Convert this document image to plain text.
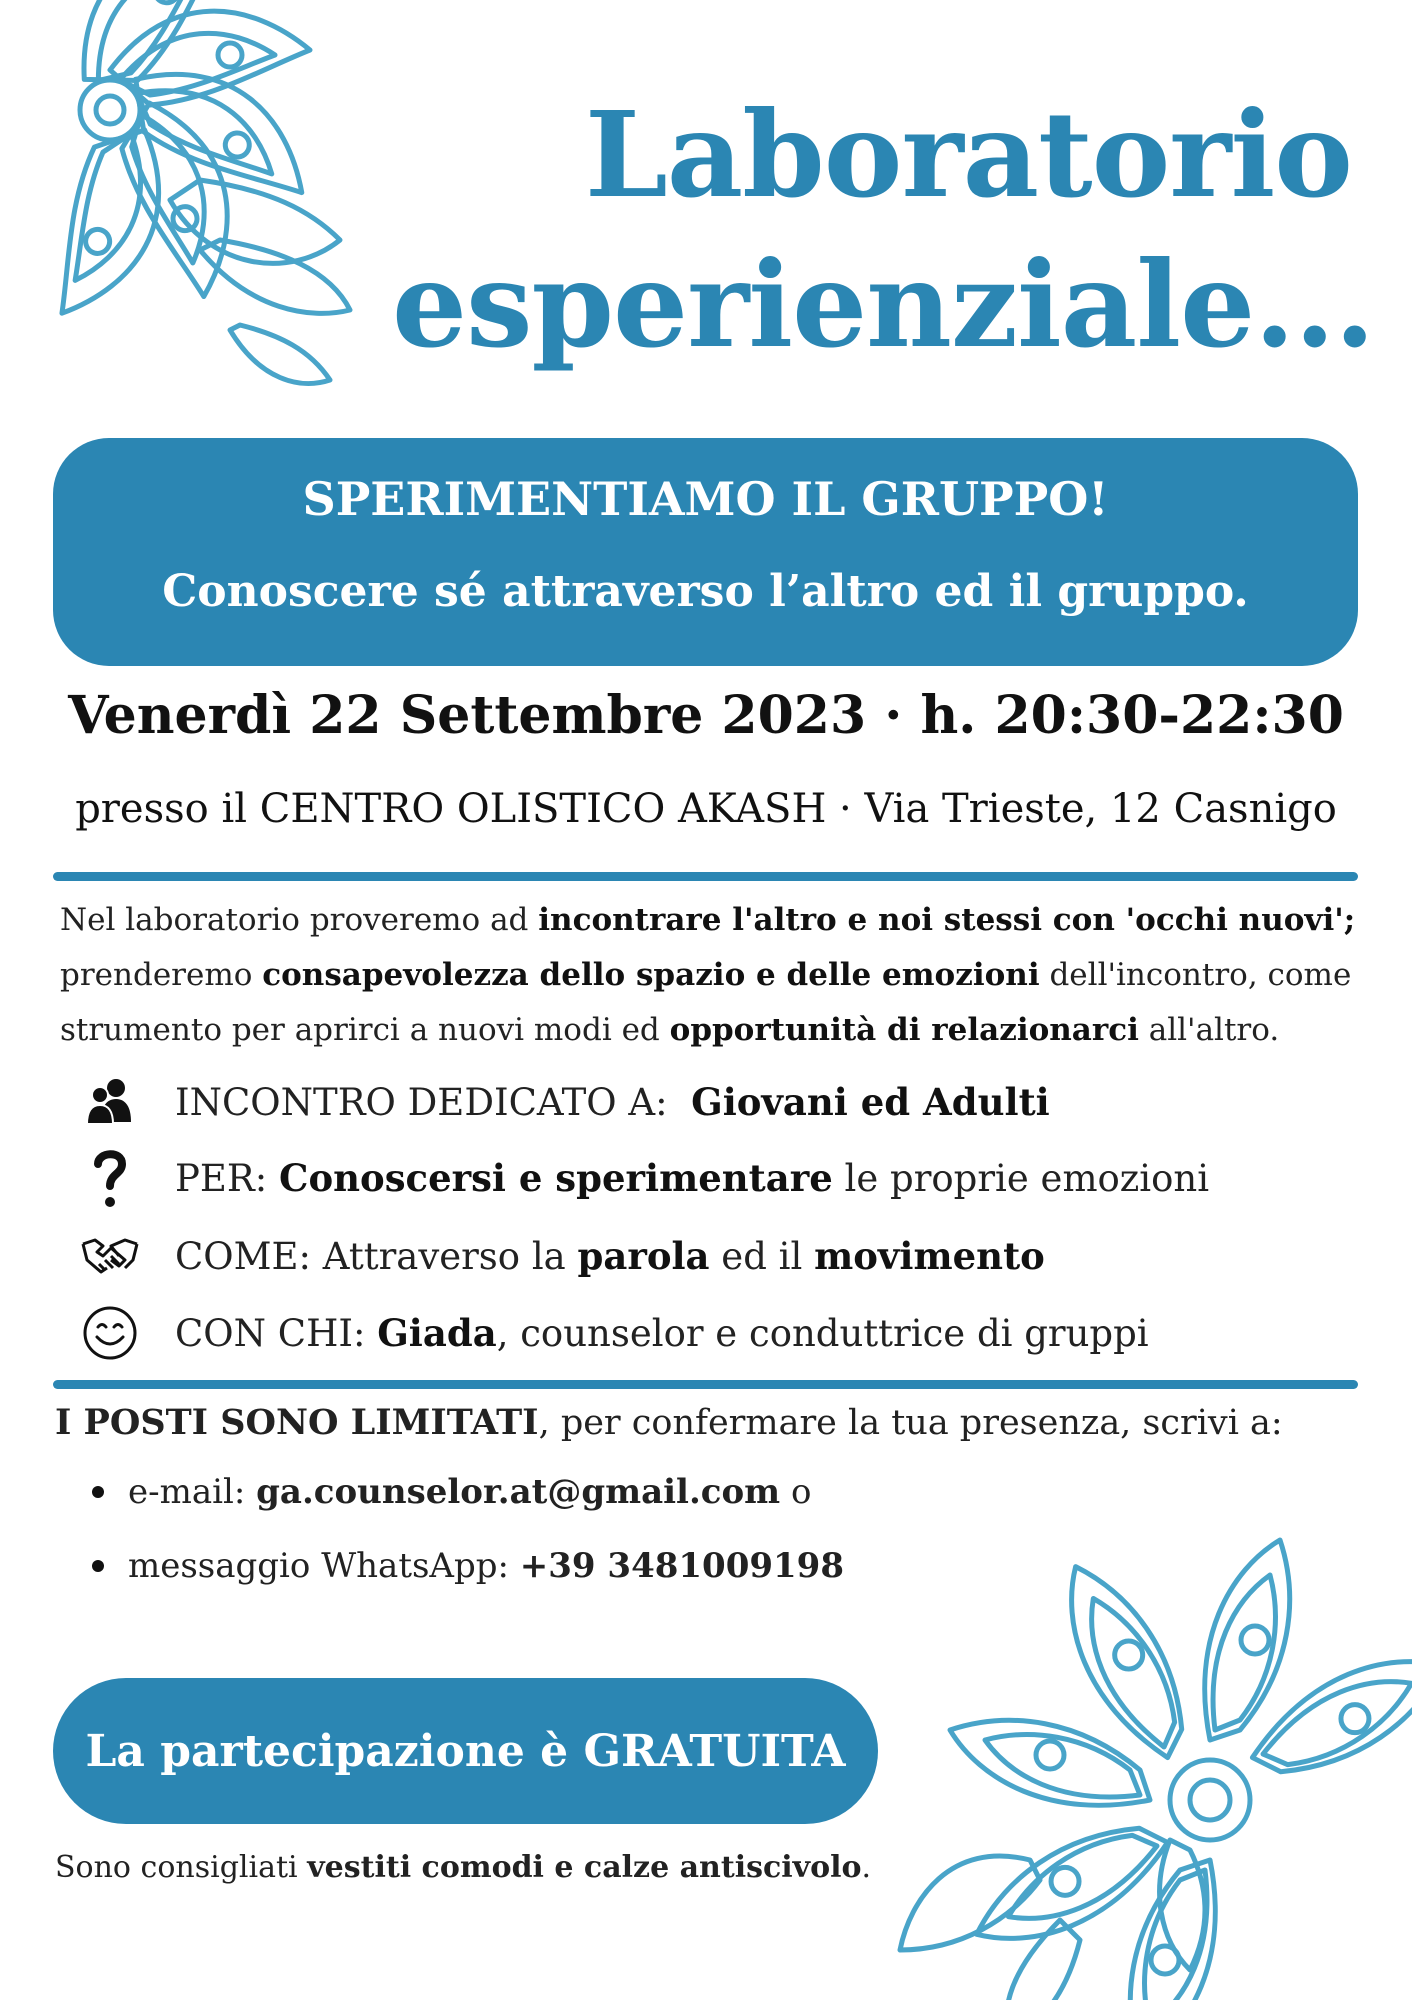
Laboratorio
esperienziale...
SPERIMENTIAMO IL GRUPPO!
Conoscere sé attraverso l’altro ed il gruppo.
Venerdì 22 Settembre 2023 · h. 20:30-22:30
presso il CENTRO OLISTICO AKASH · Via Trieste, 12 Casnigo
Nel laboratorio proveremo ad incontrare l'altro e noi stessi con 'occhi nuovi'; prenderemo consapevolezza dello spazio e delle emozioni dell'incontro, come strumento per aprirci a nuovi modi ed opportunità di relazionarci all'altro.
INCONTRO DEDICATO A: Giovani ed Adulti
PER: Conoscersi e sperimentare le proprie emozioni
COME: Attraverso la parola ed il movimento
CON CHI: Giada , counselor e conduttrice di gruppi
I POSTI SONO LIMITATI, per confermare la tua presenza, scrivi a:
e-mail: ga.counselor.at@gmail.com o
messaggio WhatsApp: +39 3481009198
La partecipazione è GRATUITA
Sono consigliati vestiti comodi e calze antiscivolo.
